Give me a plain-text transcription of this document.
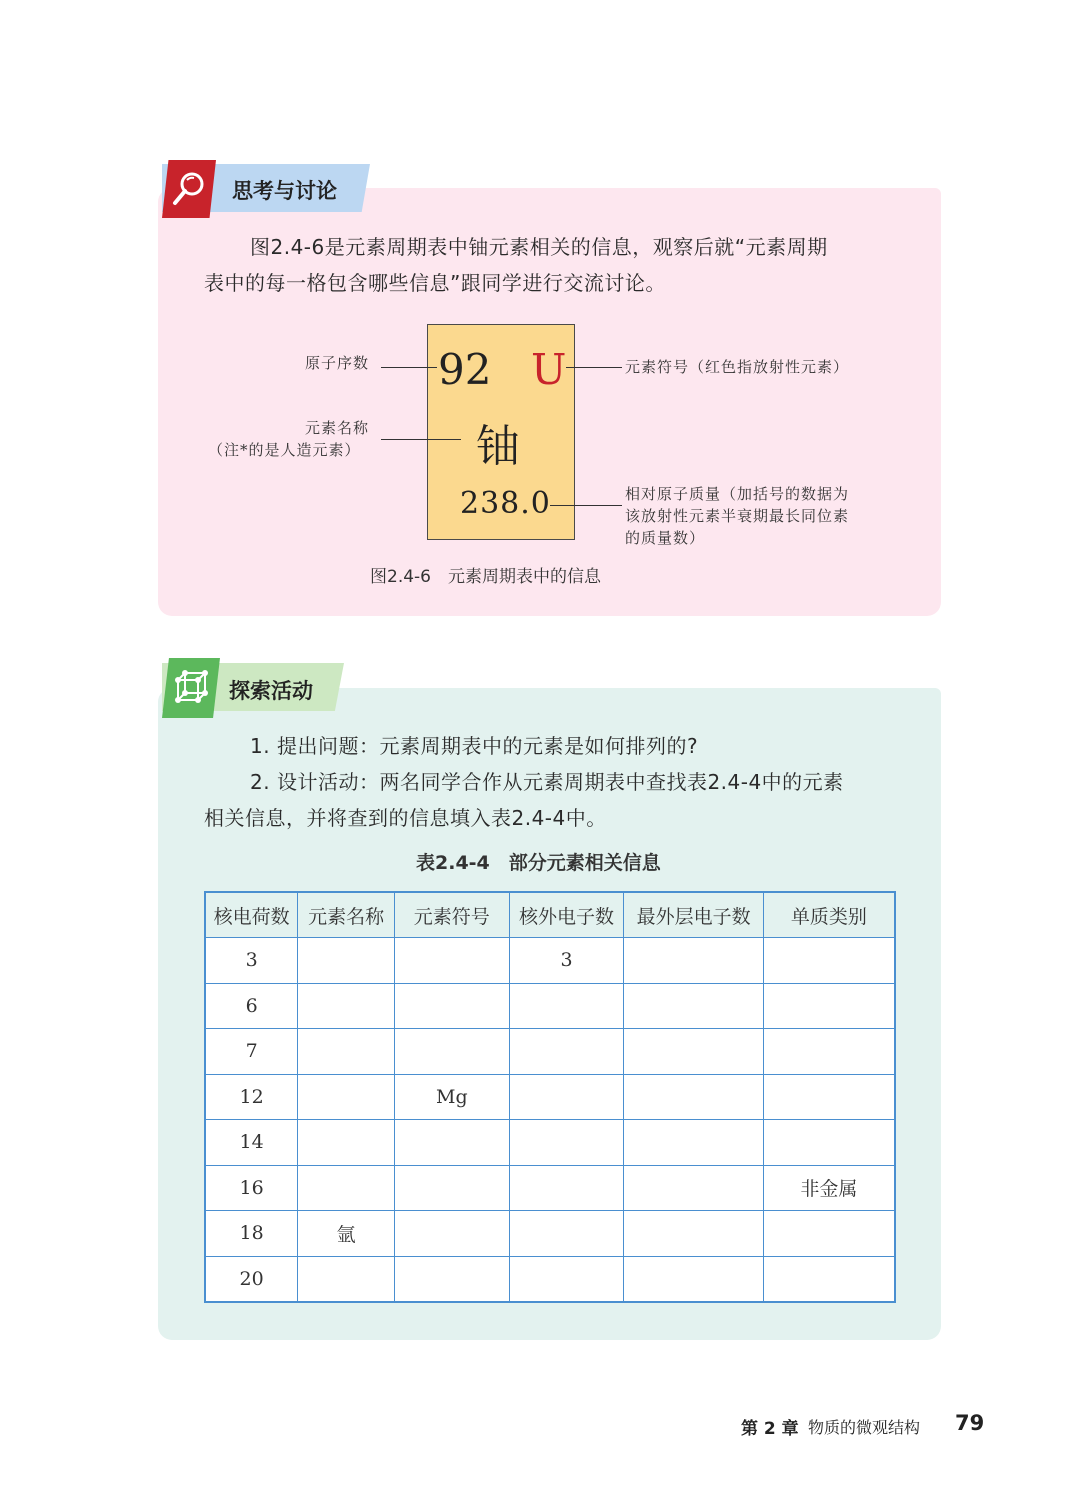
思考与讨论
图2.4-6是元素周期表中铀元素相关的信息，观察后就“元素周期
表中的每一格包含哪些信息”跟同学进行交流讨论。
92 U
铀
238.0
原子序数
元素名称
（注*的是人造元素）
元素符号（红色指放射性元素）
相对原子质量（加括号的数据为
该放射性元素半衰期最长同位素
的质量数）
图2.4-6　元素周期表中的信息
探索活动
1. 提出问题：元素周期表中的元素是如何排列的?
2. 设计活动：两名同学合作从元素周期表中查找表2.4-4中的元素
相关信息，并将查到的信息填入表2.4-4中。
表2.4-4　部分元素相关信息
核电荷数	元素名称	元素符号	核外电子数	最外层电子数	单质类别
3			3		
6					
7					
12		Mg			
14					
16					非金属
18	氩				
20					
第 2 章 物质的微观结构 79
